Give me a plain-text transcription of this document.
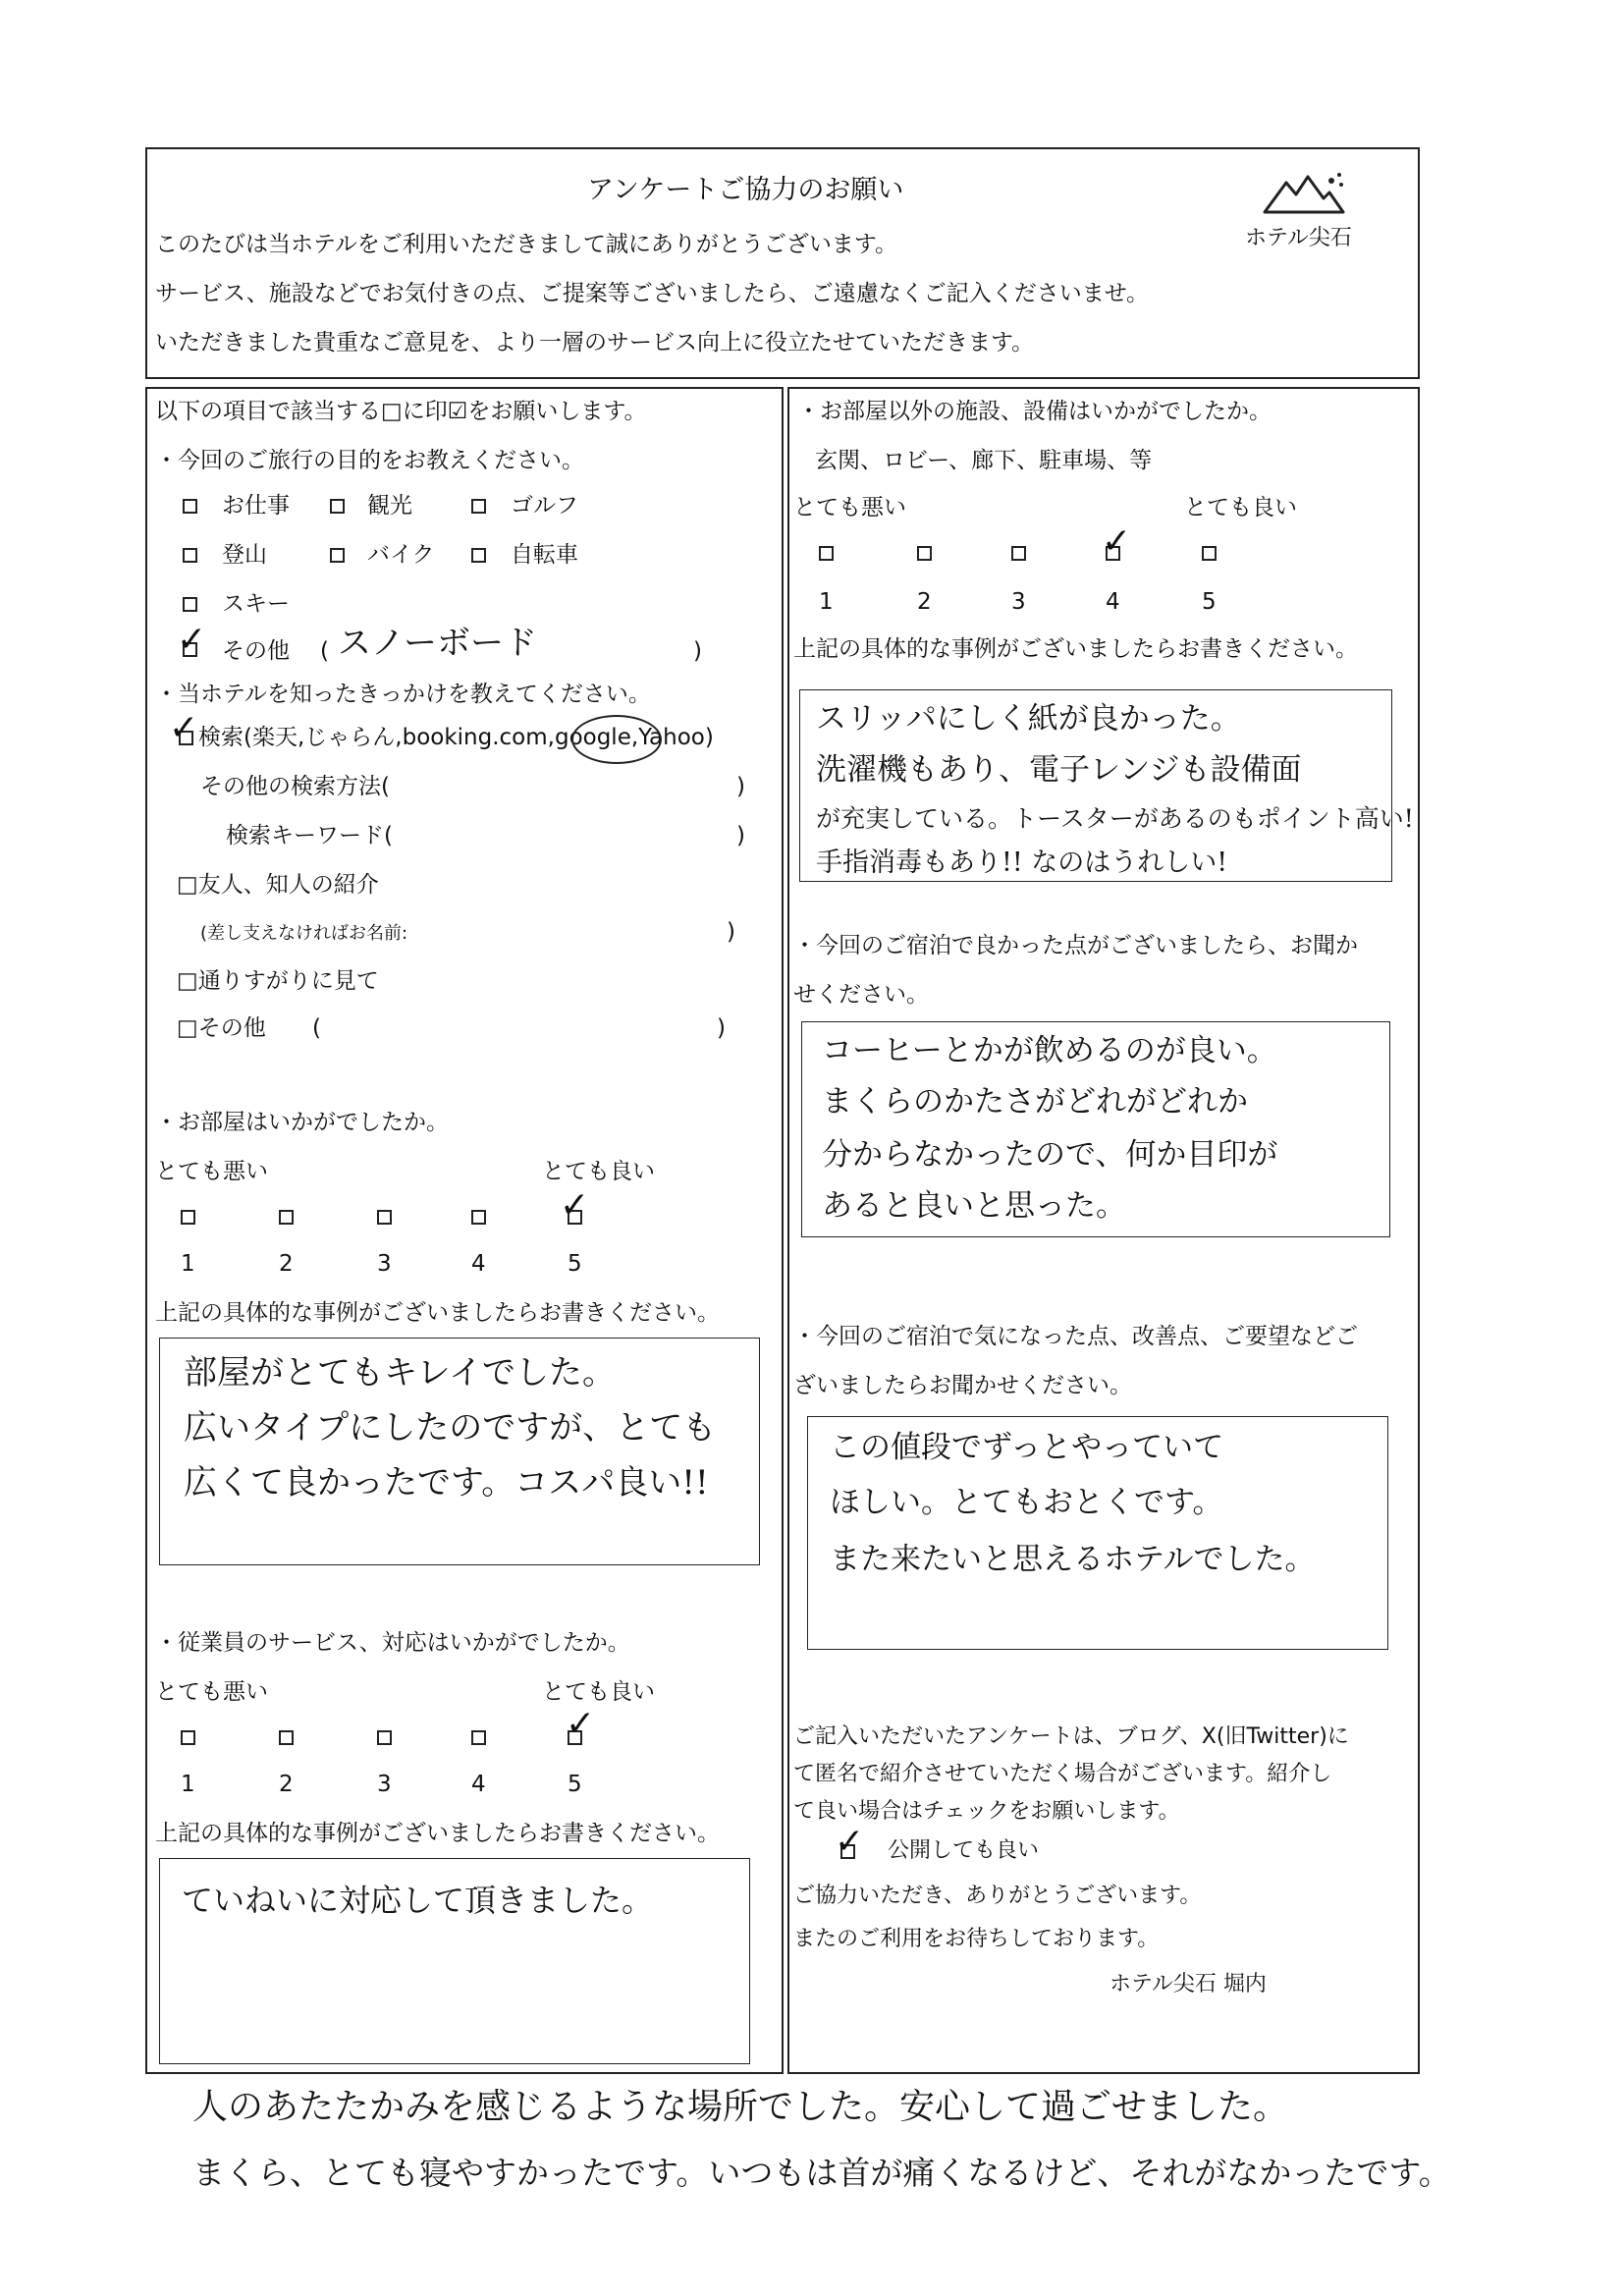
アンケートご協力のお願い
このたびは当ホテルをご利用いただきまして誠にありがとうございます。
サービス、施設などでお気付きの点、ご提案等ございましたら、ご遠慮なくご記入くださいませ。
いただきました貴重なご意見を、より一層のサービス向上に役立たせていただきます。
ホテル尖石
以下の項目で該当する□に印☑をお願いします。
・今回のご旅行の目的をお教えください。
お仕事	観光	ゴルフ
登山	バイク	自転車
スキー
✓ その他 ( スノーボード	)
・当ホテルを知ったきっかけを教えてください。
✓ 検索(楽天,じゃらん,booking.com,google,Yahoo)
その他の検索方法(	)
検索キーワード(	)
□友人、知人の紹介
(差し支えなければお名前:	)
□通りすがりに見て
□その他 (	)
・お部屋はいかがでしたか。
とても悪い	とても良い
✓
1	2	3	4	5
上記の具体的な事例がございましたらお書きください。
部屋がとてもキレイでした。
広いタイプにしたのですが、とても
広くて良かったです。コスパ良い!!
・従業員のサービス、対応はいかがでしたか。
とても悪い	とても良い
✓
1	2	3	4	5
上記の具体的な事例がございましたらお書きください。
ていねいに対応して頂きました。
・お部屋以外の施設、設備はいかがでしたか。
玄関、ロビー、廊下、駐車場、等
とても悪い	とても良い
✓
1	2	3	4	5
上記の具体的な事例がございましたらお書きください。
スリッパにしく紙が良かった。
洗濯機もあり、電子レンジも設備面
が充実している。トースターがあるのもポイント高い!
手指消毒もあり!! なのはうれしい!
・今回のご宿泊で良かった点がございましたら、お聞か
せください。
コーヒーとかが飲めるのが良い。
まくらのかたさがどれがどれか
分からなかったので、何か目印が
あると良いと思った。
・今回のご宿泊で気になった点、改善点、ご要望などご
ざいましたらお聞かせください。
この値段でずっとやっていて
ほしい。とてもおとくです。
また来たいと思えるホテルでした。
ご記入いただいたアンケートは、ブログ、X(旧Twitter)に
て匿名で紹介させていただく場合がございます。紹介し
て良い場合はチェックをお願いします。
✓ 公開しても良い
ご協力いただき、ありがとうございます。
またのご利用をお待ちしております。
ホテル尖石 堀内
人のあたたかみを感じるような場所でした。安心して過ごせました。
まくら、とても寝やすかったです。いつもは首が痛くなるけど、それがなかったです。
